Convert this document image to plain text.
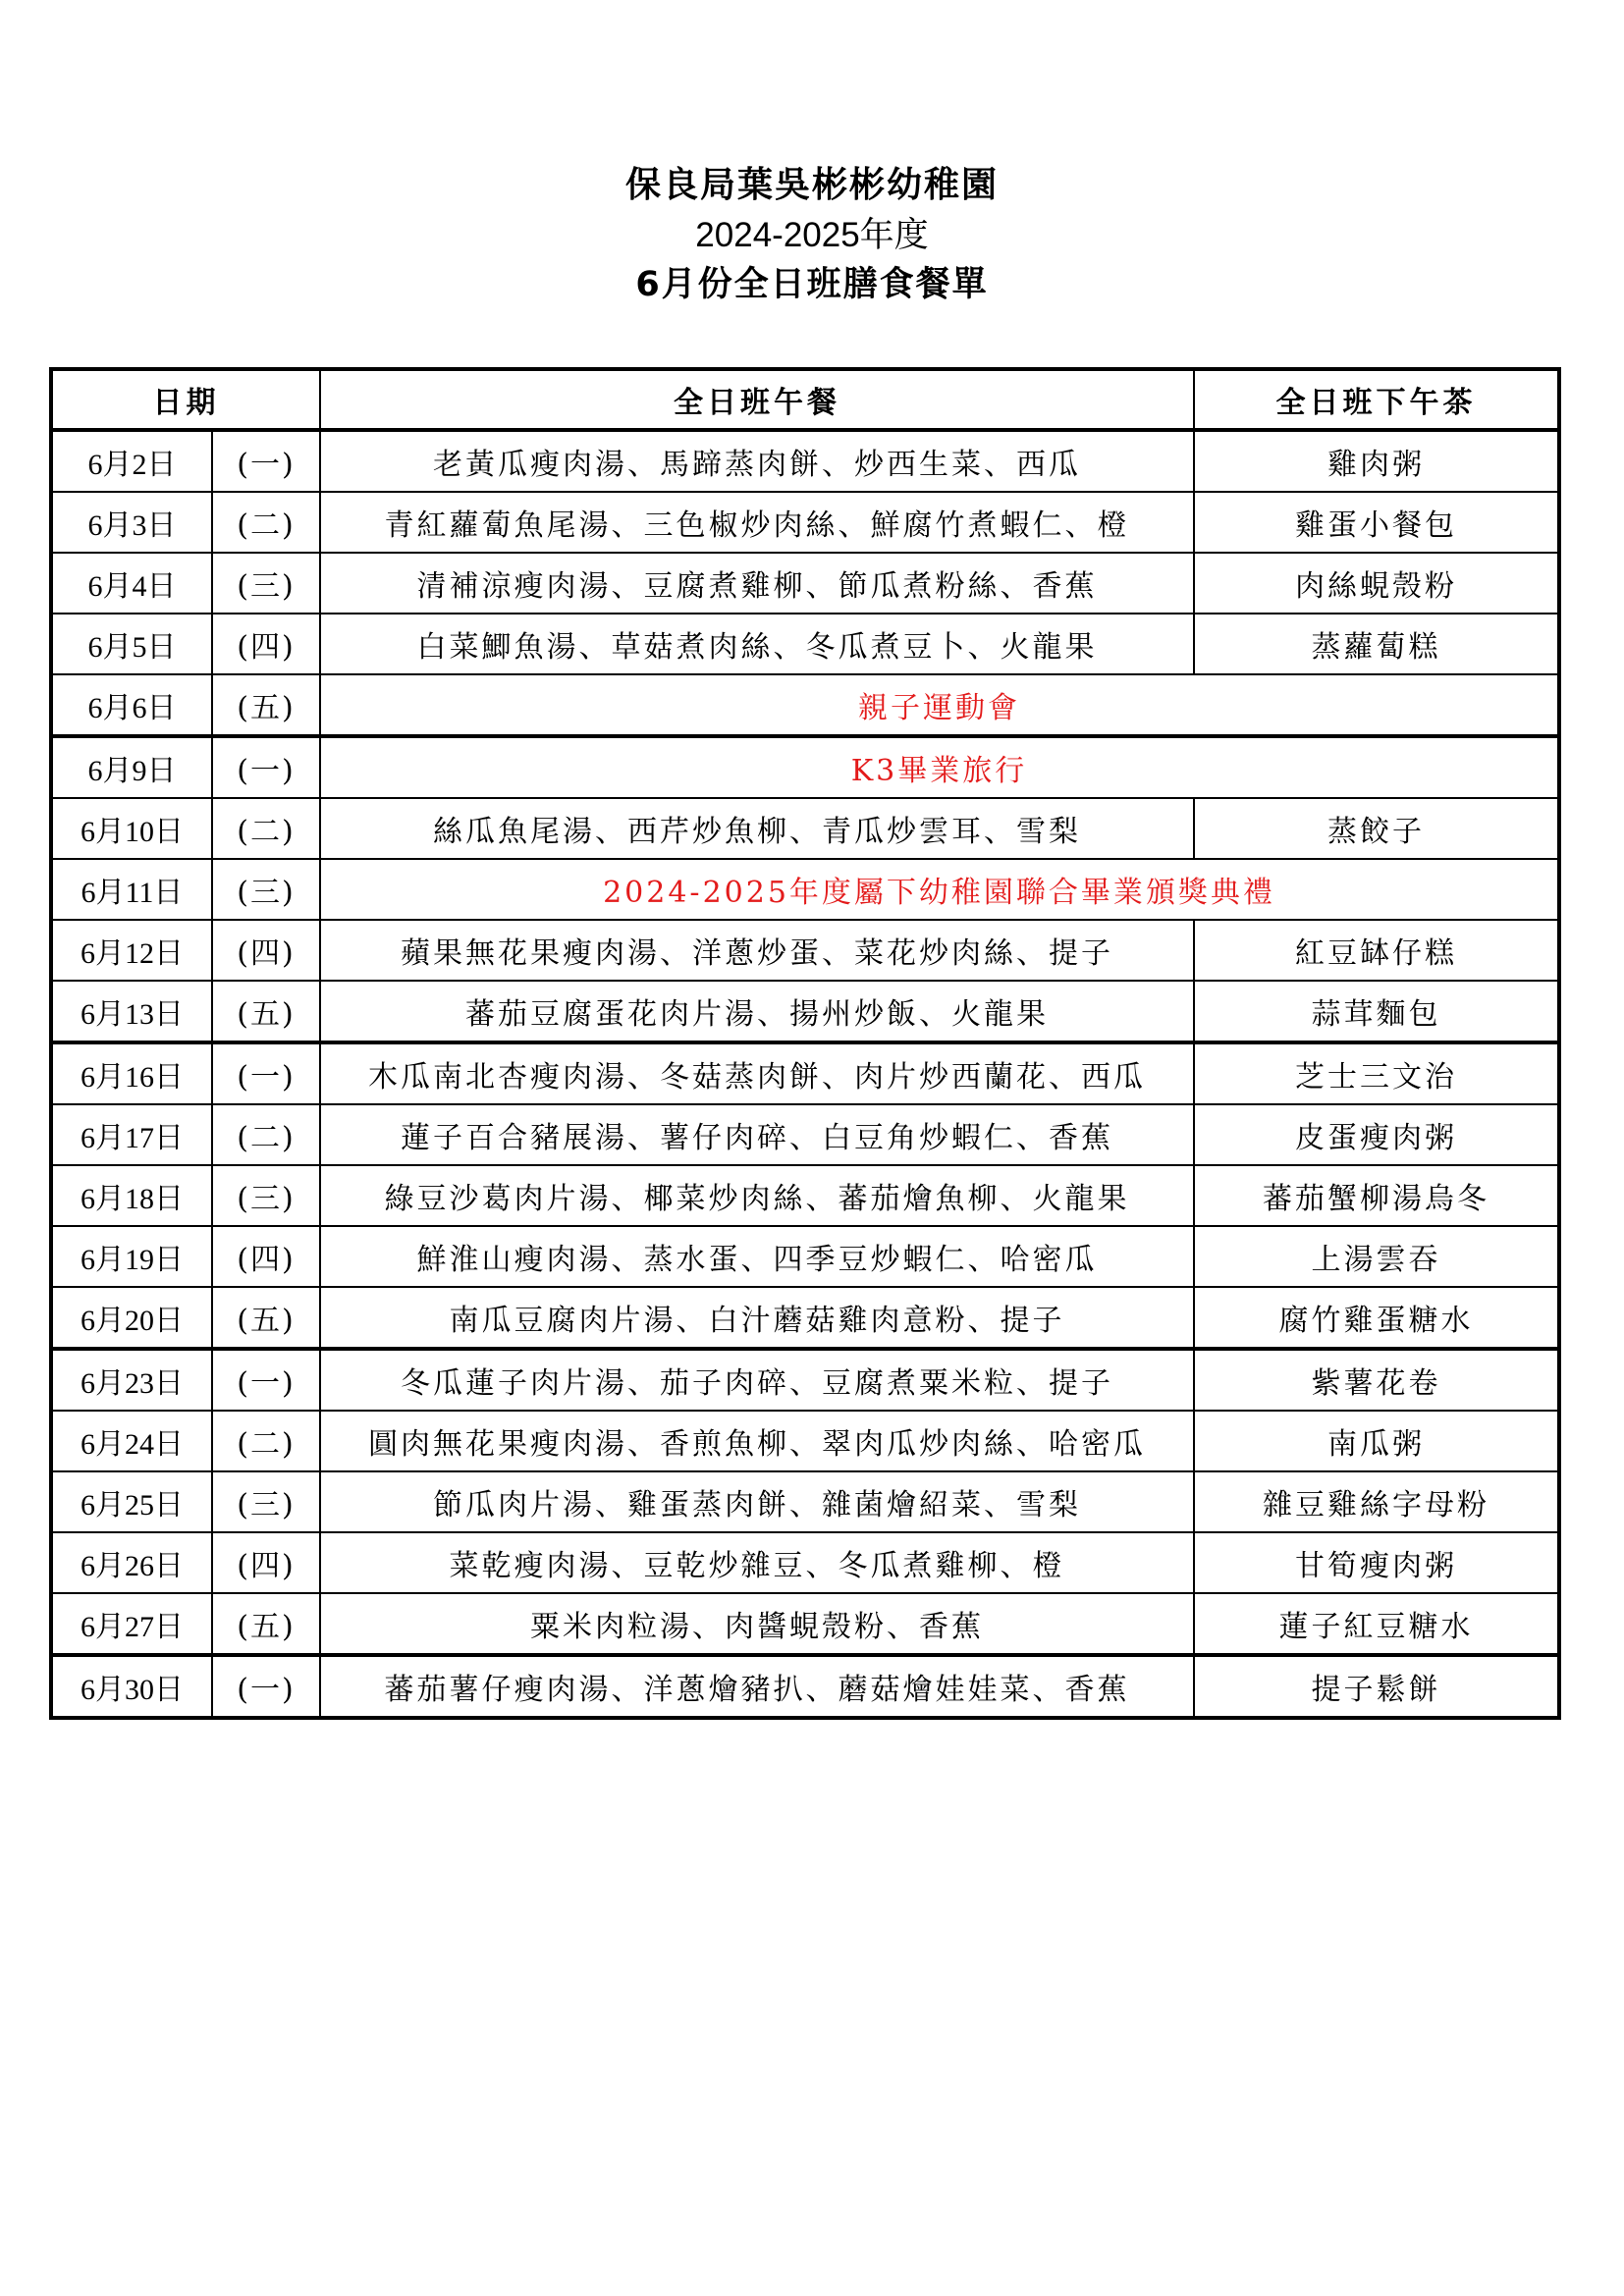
保良局葉吳彬彬幼稚園
2024-2025年度
6月份全日班膳食餐單
日期		全日班午餐	全日班下午茶
6月2日	(一)	老黃瓜瘦肉湯、馬蹄蒸肉餅、炒西生菜、西瓜	雞肉粥
6月3日	(二)	青紅蘿蔔魚尾湯、三色椒炒肉絲、鮮腐竹煮蝦仁、橙	雞蛋小餐包
6月4日	(三)	清補涼瘦肉湯、豆腐煮雞柳、節瓜煮粉絲、香蕉	肉絲蜆殼粉
6月5日	(四)	白菜鯽魚湯、草菇煮肉絲、冬瓜煮豆卜、火龍果	蒸蘿蔔糕
6月6日	(五)	親子運動會	
6月9日	(一)	K3畢業旅行	
6月10日	(二)	絲瓜魚尾湯、西芹炒魚柳、青瓜炒雲耳、雪梨	蒸餃子
6月11日	(三)	2024-2025年度屬下幼稚園聯合畢業頒獎典禮	
6月12日	(四)	蘋果無花果瘦肉湯、洋蔥炒蛋、菜花炒肉絲、提子	紅豆缽仔糕
6月13日	(五)	蕃茄豆腐蛋花肉片湯、揚州炒飯、火龍果	蒜茸麵包
6月16日	(一)	木瓜南北杏瘦肉湯、冬菇蒸肉餅、肉片炒西蘭花、西瓜	芝士三文治
6月17日	(二)	蓮子百合豬展湯、薯仔肉碎、白豆角炒蝦仁、香蕉	皮蛋瘦肉粥
6月18日	(三)	綠豆沙葛肉片湯、椰菜炒肉絲、蕃茄燴魚柳、火龍果	蕃茄蟹柳湯烏冬
6月19日	(四)	鮮淮山瘦肉湯、蒸水蛋、四季豆炒蝦仁、哈密瓜	上湯雲吞
6月20日	(五)	南瓜豆腐肉片湯、白汁蘑菇雞肉意粉、提子	腐竹雞蛋糖水
6月23日	(一)	冬瓜蓮子肉片湯、茄子肉碎、豆腐煮粟米粒、提子	紫薯花卷
6月24日	(二)	圓肉無花果瘦肉湯、香煎魚柳、翠肉瓜炒肉絲、哈密瓜	南瓜粥
6月25日	(三)	節瓜肉片湯、雞蛋蒸肉餅、雜菌燴紹菜、雪梨	雜豆雞絲字母粉
6月26日	(四)	菜乾瘦肉湯、豆乾炒雜豆、冬瓜煮雞柳、橙	甘筍瘦肉粥
6月27日	(五)	粟米肉粒湯、肉醬蜆殼粉、香蕉	蓮子紅豆糖水
6月30日	(一)	蕃茄薯仔瘦肉湯、洋蔥燴豬扒、蘑菇燴娃娃菜、香蕉	提子鬆餅
